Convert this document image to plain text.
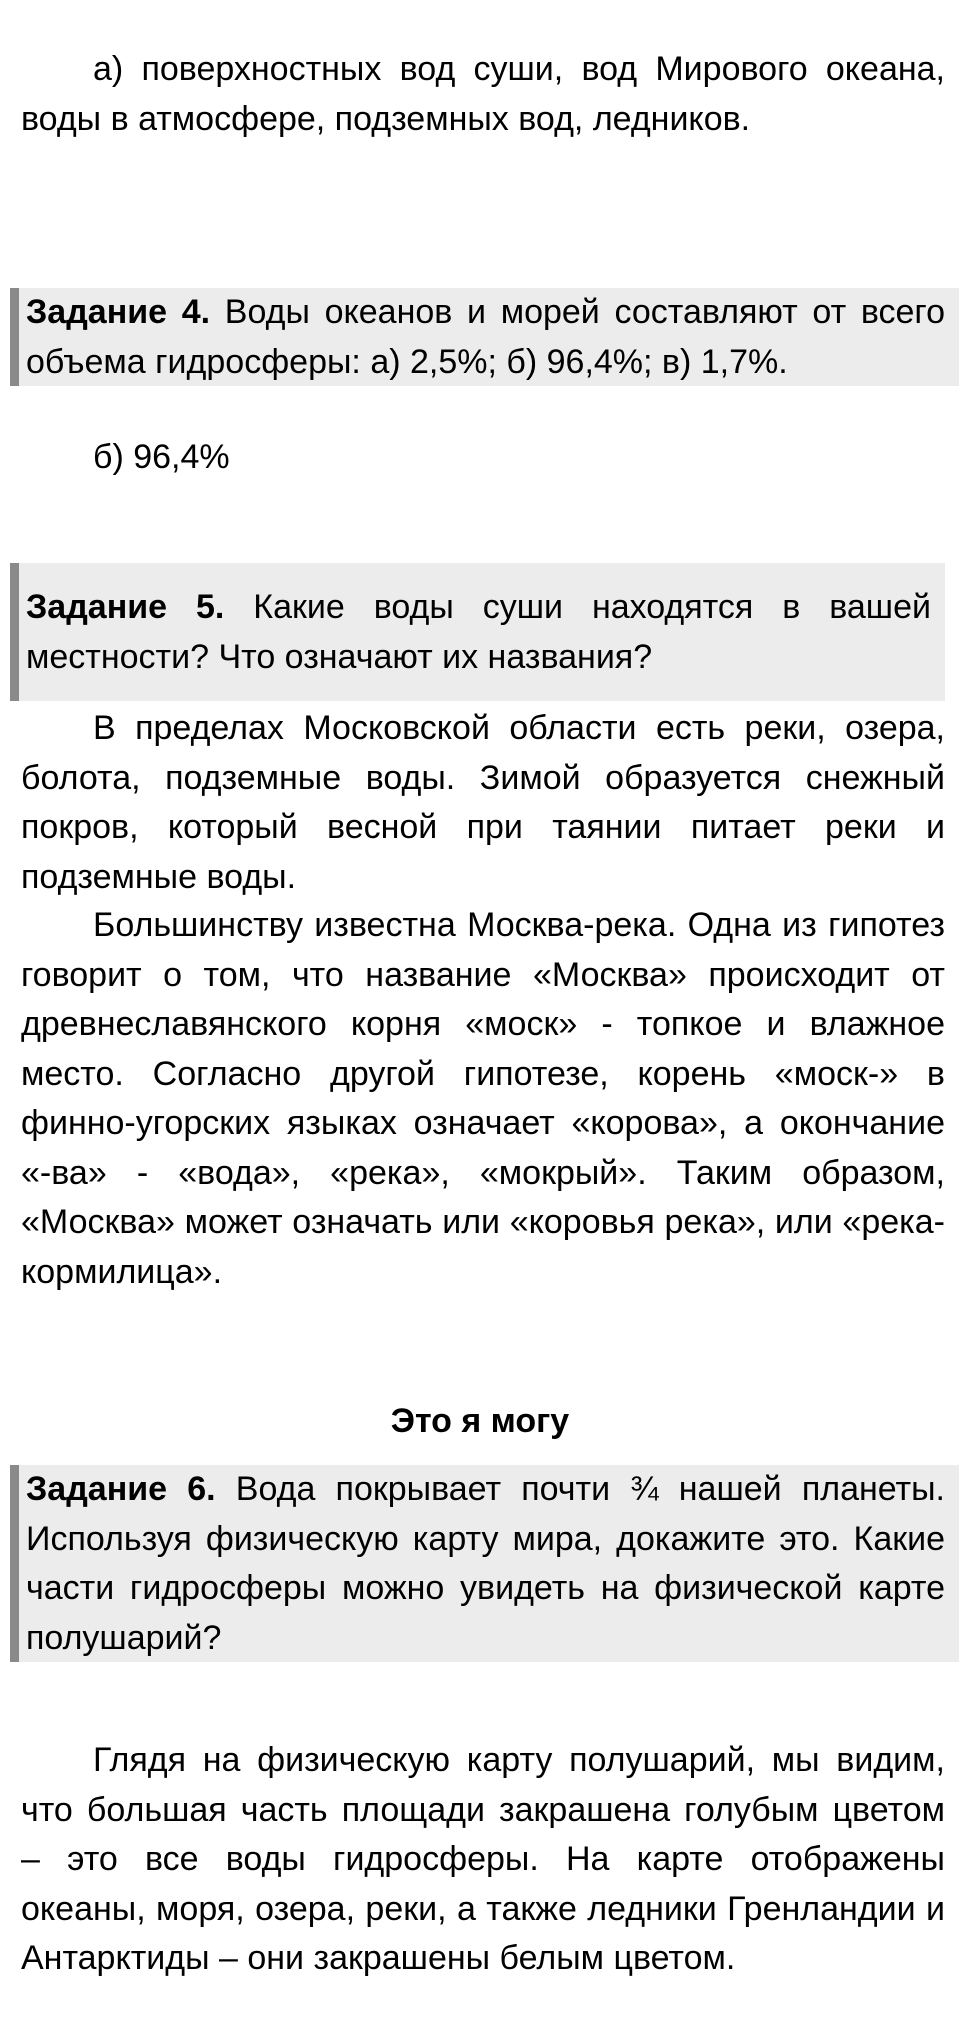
а) поверхностных вод суши, вод Мирового океана, воды в атмосфере, подземных вод, ледников.

Задание 4. Воды океанов и морей составляют от всего объема гидросферы: а) 2,5%; б) 96,4%; в) 1,7%.

б) 96,4%

Задание 5. Какие воды суши находятся в вашей местности? Что означают их названия?

В пределах Московской области есть реки, озера, болота, подземные воды. Зимой образуется снежный покров, который весной при таянии питает реки и подземные воды.

Большинству известна Москва-река. Одна из гипотез говорит о том, что название «Москва» происходит от древнеславянского корня «моск» - топкое и влажное место. Согласно другой гипотезе, корень «моск-» в финно-угорских языках означает «корова», а окончание «-ва» - «вода», «река», «мокрый». Таким образом, «Москва» может означать или «коровья река», или «река-кормилица».

Это я могу

Задание 6. Вода покрывает почти ¾ нашей планеты. Используя физическую карту мира, докажите это. Какие части гидросферы можно увидеть на физической карте полушарий?

Глядя на физическую карту полушарий, мы видим, что большая часть площади закрашена голубым цветом – это все воды гидросферы. На карте отображены океаны, моря, озера, реки, а также ледники Гренландии и Антарктиды – они закрашены белым цветом.
